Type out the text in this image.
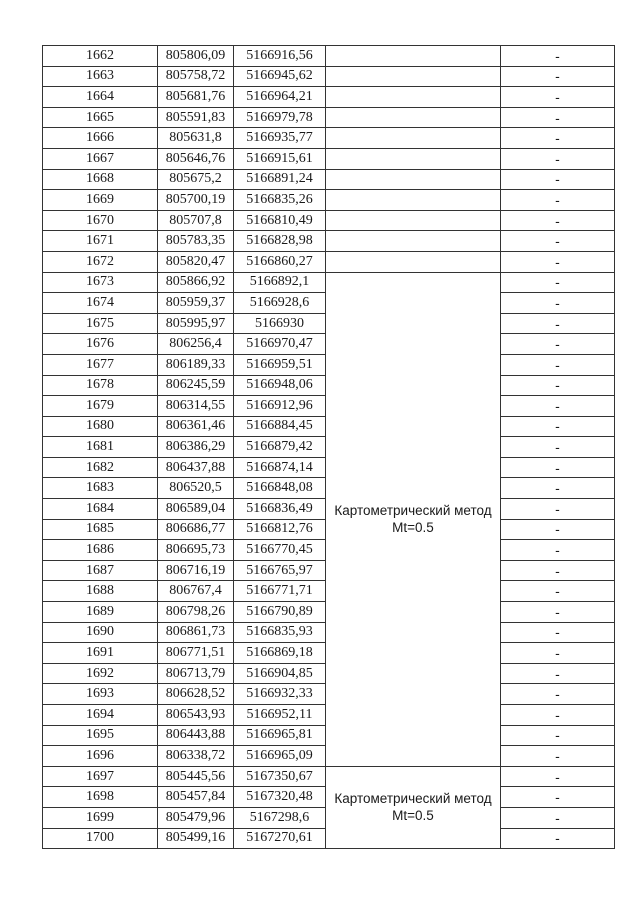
1662	805806,09	5166916,56		-
1663	805758,72	5166945,62		-
1664	805681,76	5166964,21		-
1665	805591,83	5166979,78		-
1666	805631,8	5166935,77		-
1667	805646,76	5166915,61		-
1668	805675,2	5166891,24		-
1669	805700,19	5166835,26		-
1670	805707,8	5166810,49		-
1671	805783,35	5166828,98		-
1672	805820,47	5166860,27		-
1673	805866,92	5166892,1	Картометрический метод Mt=0.5	-
1674	805959,37	5166928,6		-
1675	805995,97	5166930		-
1676	806256,4	5166970,47		-
1677	806189,33	5166959,51		-
1678	806245,59	5166948,06		-
1679	806314,55	5166912,96		-
1680	806361,46	5166884,45		-
1681	806386,29	5166879,42		-
1682	806437,88	5166874,14		-
1683	806520,5	5166848,08		-
1684	806589,04	5166836,49		-
1685	806686,77	5166812,76		-
1686	806695,73	5166770,45		-
1687	806716,19	5166765,97		-
1688	806767,4	5166771,71		-
1689	806798,26	5166790,89		-
1690	806861,73	5166835,93		-
1691	806771,51	5166869,18		-
1692	806713,79	5166904,85		-
1693	806628,52	5166932,33		-
1694	806543,93	5166952,11		-
1695	806443,88	5166965,81		-
1696	806338,72	5166965,09		-
1697	805445,56	5167350,67	Картометрический метод Mt=0.5	-
1698	805457,84	5167320,48		-
1699	805479,96	5167298,6		-
1700	805499,16	5167270,61		-
